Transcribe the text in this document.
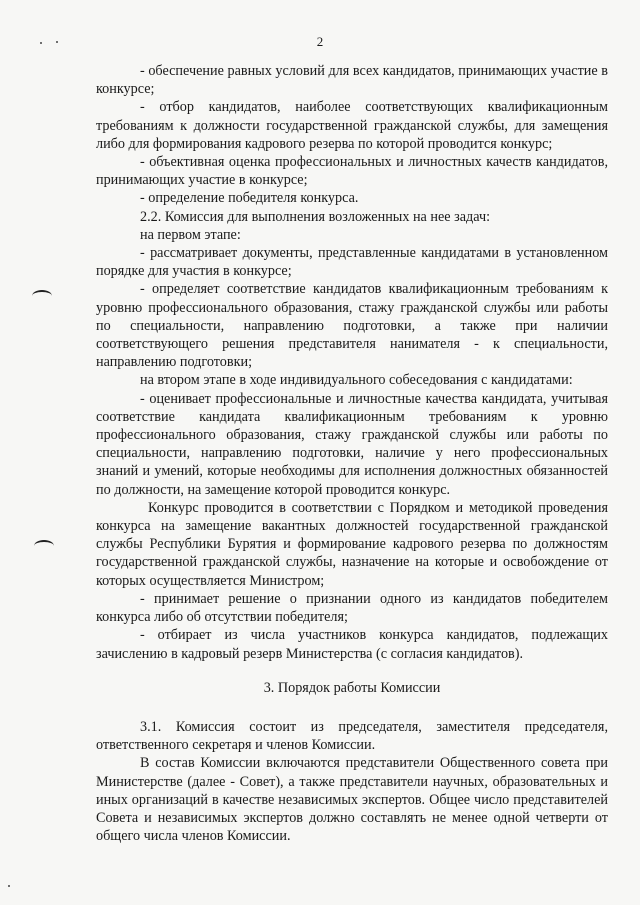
2

- обеспечение равных условий для всех кандидатов, принимающих участие в конкурсе;

- отбор кандидатов, наиболее соответствующих квалификационным требованиям к должности государственной гражданской службы, для замещения либо для формирования кадрового резерва по которой проводится конкурс;

- объективная оценка профессиональных и личностных качеств кандидатов, принимающих участие в конкурсе;

- определение победителя конкурса.

2.2. Комиссия для выполнения возложенных на нее задач:

на первом этапе:

- рассматривает документы, представленные кандидатами в установленном порядке для участия в конкурсе;

- определяет соответствие кандидатов квалификационным требованиям к уровню профессионального образования, стажу гражданской службы или работы по специальности, направлению подготовки, а также при наличии соответствующего решения представителя нанимателя - к специальности, направлению подготовки;

на втором этапе в ходе индивидуального собеседования с кандидатами:

- оценивает профессиональные и личностные качества кандидата, учитывая соответствие кандидата квалификационным требованиям к уровню профессионального образования, стажу гражданской службы или работы по специальности, направлению подготовки, наличие у него профессиональных знаний и умений, которые необходимы для исполнения должностных обязанностей по должности, на замещение которой проводится конкурс.

Конкурс проводится в соответствии с Порядком и методикой проведения конкурса на замещение вакантных должностей государственной гражданской службы Республики Бурятия и формирование кадрового резерва по должностям государственной гражданской службы, назначение на которые и освобождение от которых осуществляется Министром;

- принимает решение о признании одного из кандидатов победителем конкурса либо об отсутствии победителя;

- отбирает из числа участников конкурса кандидатов, подлежащих зачислению в кадровый резерв Министерства (с согласия кандидатов).

3. Порядок работы Комиссии

3.1. Комиссия состоит из председателя, заместителя председателя, ответственного секретаря и членов Комиссии.

В состав Комиссии включаются представители Общественного совета при Министерстве (далее - Совет), а также представители научных, образовательных и иных организаций в качестве независимых экспертов. Общее число представителей Совета и независимых экспертов должно составлять не менее одной четверти от общего числа членов Комиссии.
